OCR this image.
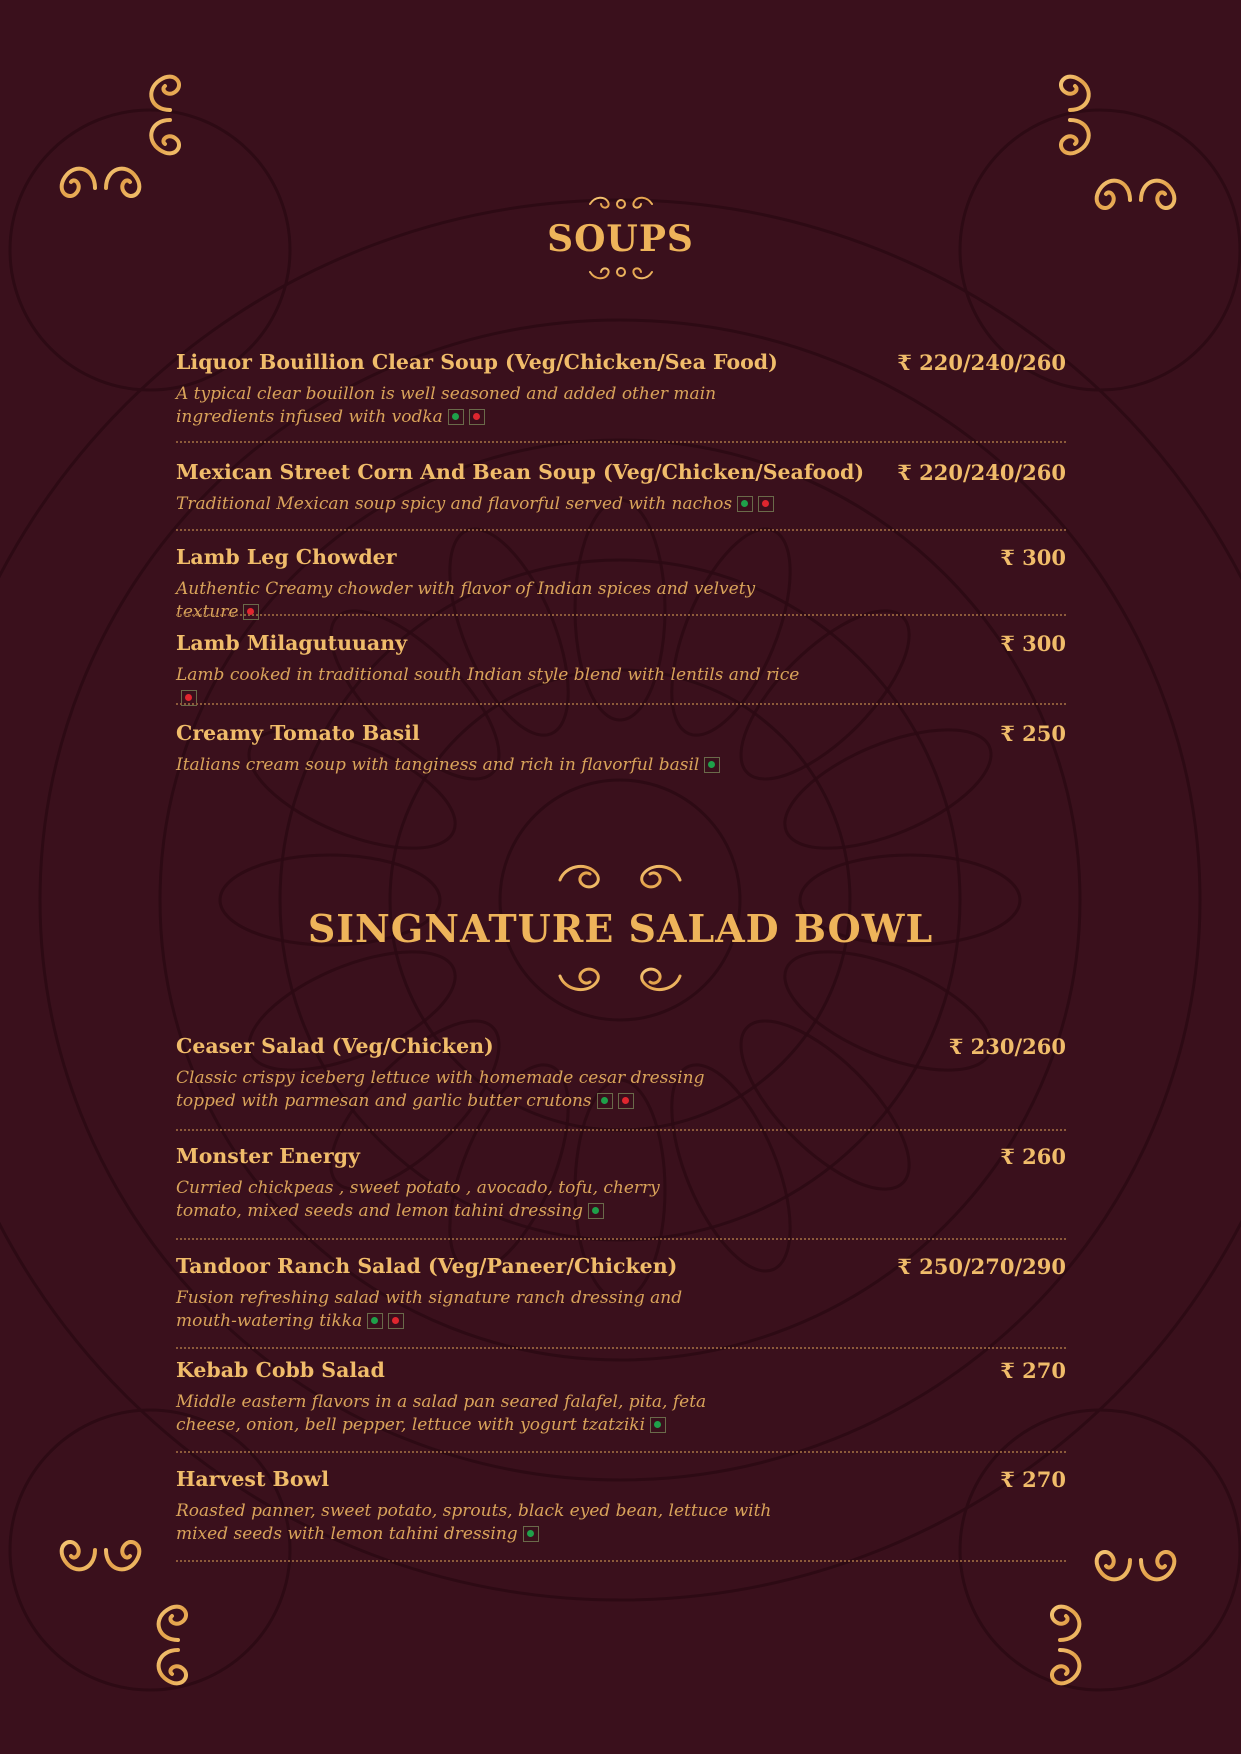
SOUPS
SINGNATURE SALAD BOWL
Liquor Bouillion Clear Soup (Veg/Chicken/Sea Food)	₹ 220/240/260
A typical clear bouillon is well seasoned and added other main ingredients infused with vodka
Mexican Street Corn And Bean Soup (Veg/Chicken/Seafood) ₹ 220/240/260
Traditional Mexican soup spicy and flavorful served with nachos
Lamb Leg Chowder	₹ 300
Authentic Creamy chowder with flavor of Indian spices and velvety texture
Lamb Milagutuuany	₹ 300
Lamb cooked in traditional south Indian style blend with lentils and rice
Creamy Tomato Basil	₹ 250
Italians cream soup with tanginess and rich in flavorful basil
Ceaser Salad (Veg/Chicken)	₹ 230/260
Classic crispy iceberg lettuce with homemade cesar dressing topped with parmesan and garlic butter crutons
Monster Energy	₹ 260
Curried chickpeas , sweet potato , avocado, tofu, cherry tomato, mixed seeds and lemon tahini dressing
Tandoor Ranch Salad (Veg/Paneer/Chicken)	₹ 250/270/290
Fusion refreshing salad with signature ranch dressing and mouth-watering tikka
Kebab Cobb Salad	₹ 270
Middle eastern flavors in a salad pan seared falafel, pita, feta cheese, onion, bell pepper, lettuce with yogurt tzatziki
Harvest Bowl	₹ 270
Roasted panner, sweet potato, sprouts, black eyed bean, lettuce with mixed seeds with lemon tahini dressing
